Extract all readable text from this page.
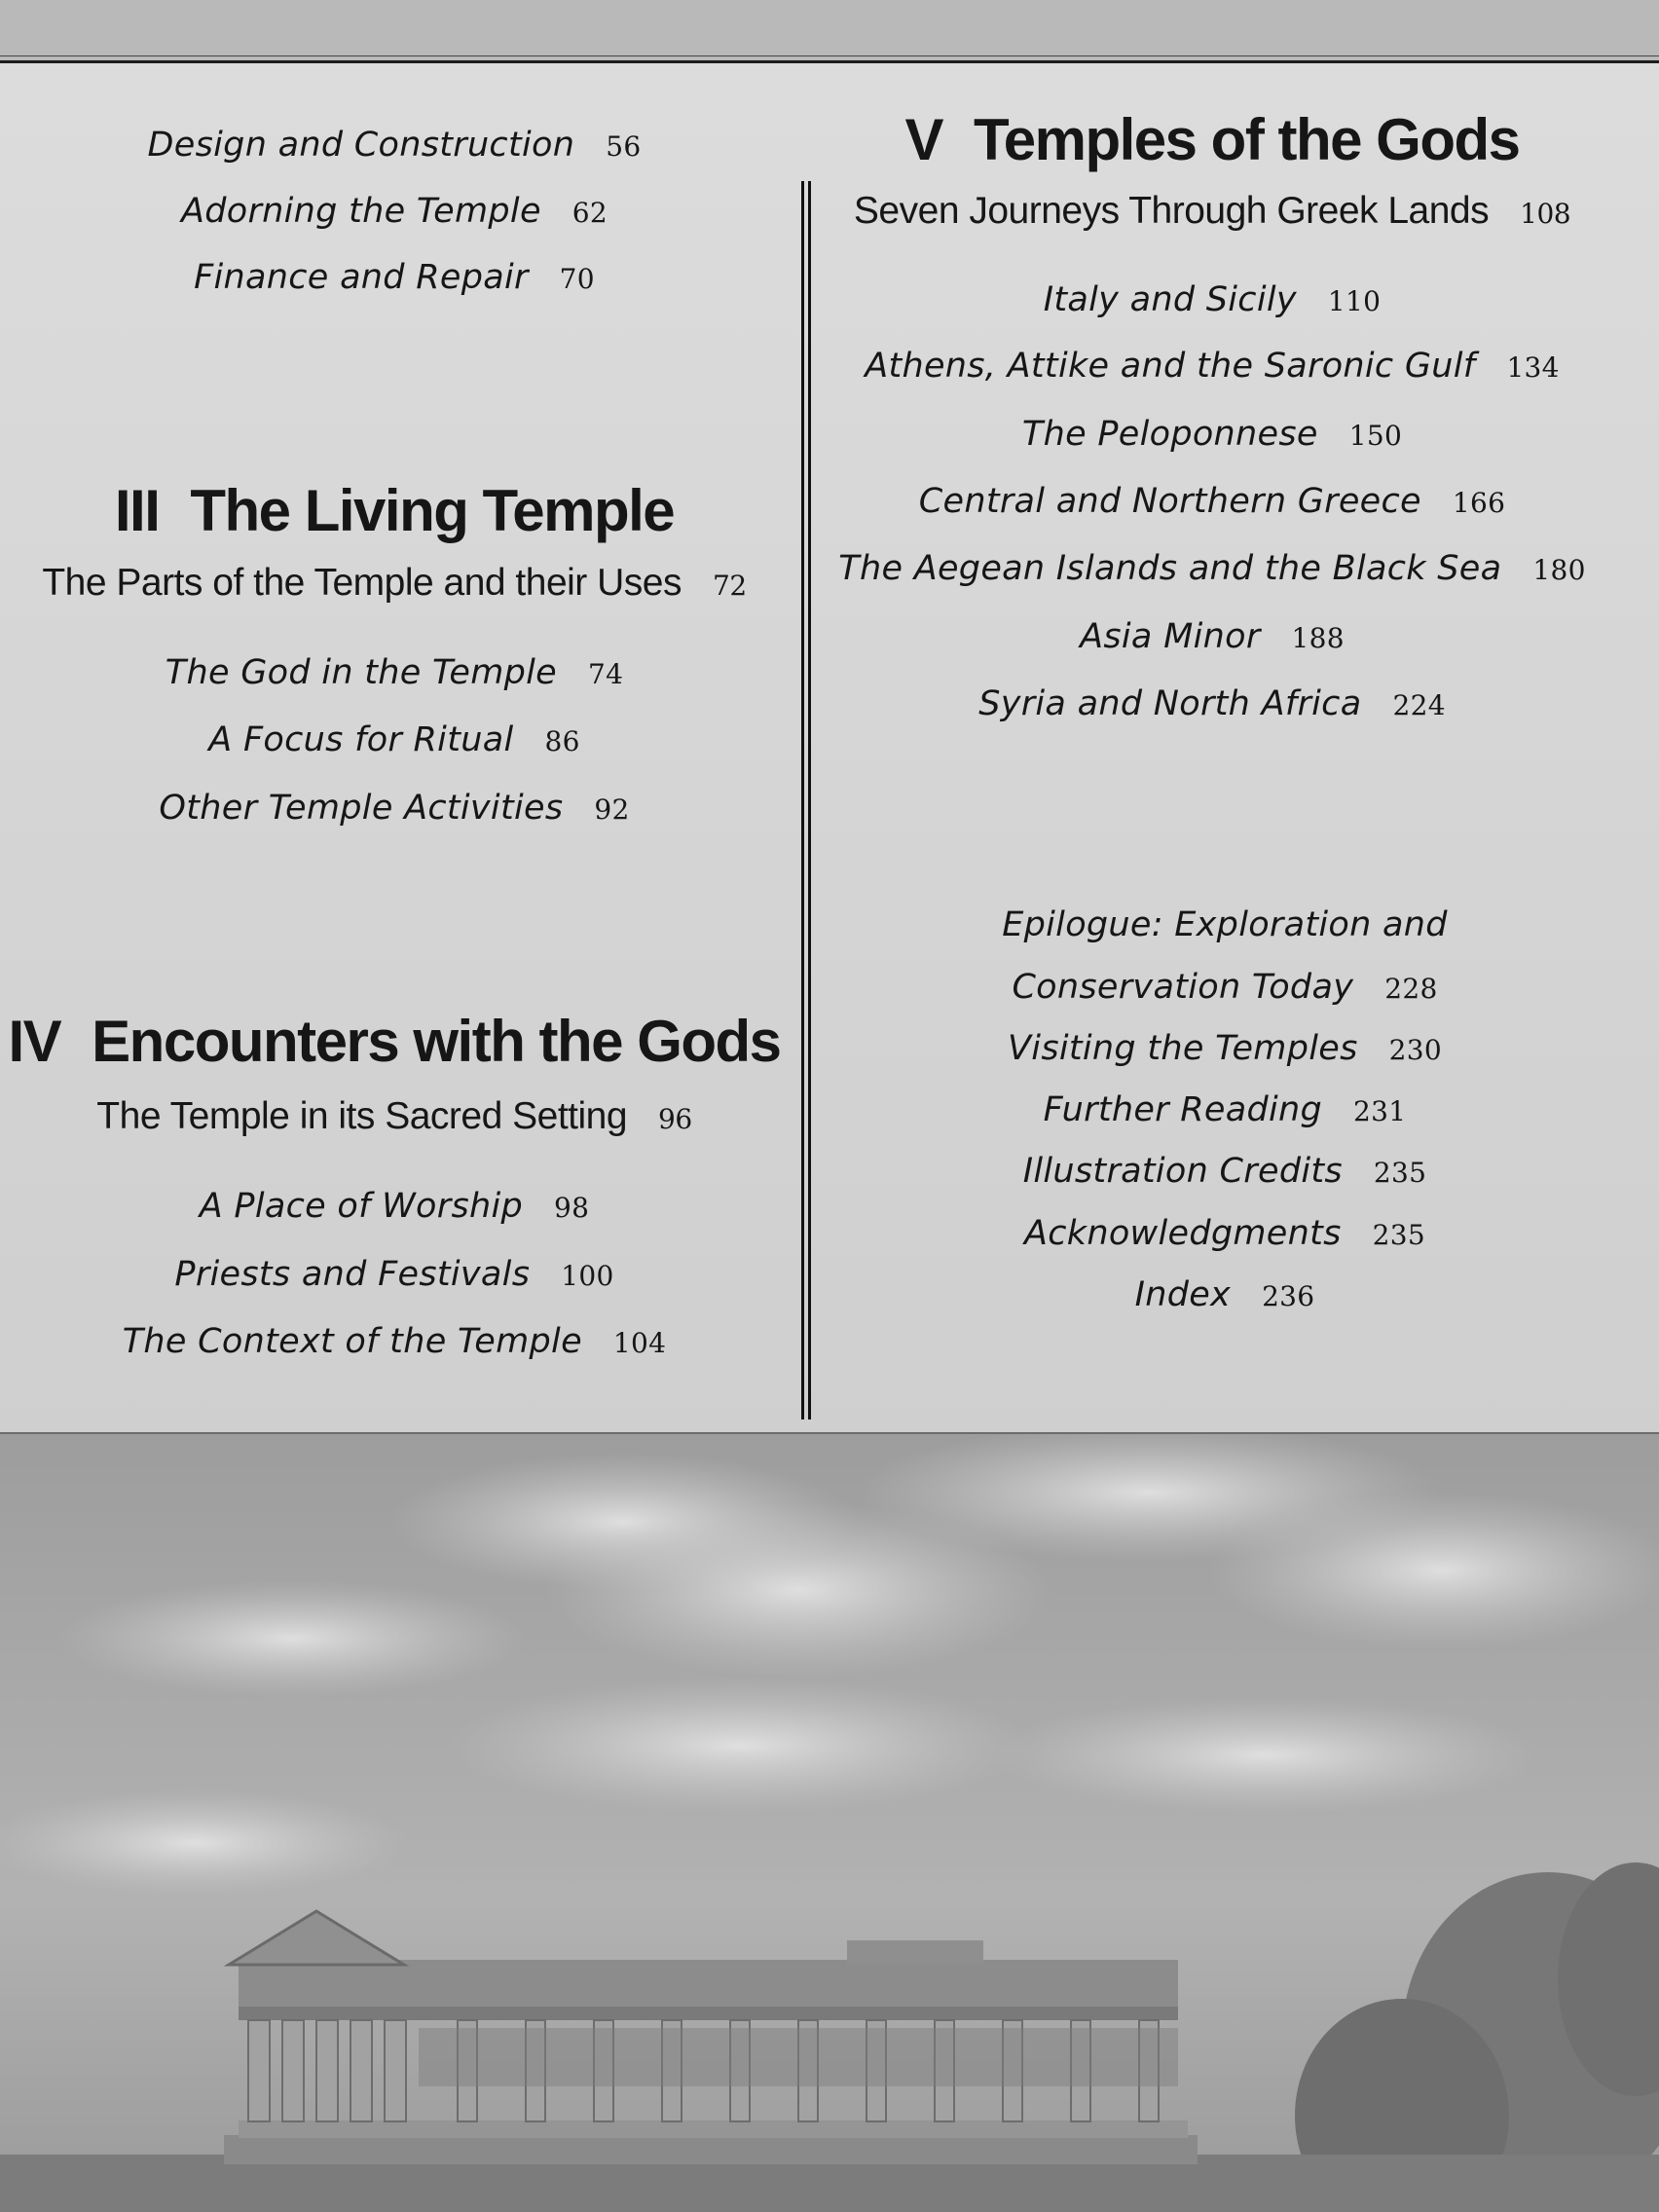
Design and Construction 56
Adorning the Temple 62
Finance and Repair 70
III The Living Temple
The Parts of the Temple and their Uses 72
The God in the Temple 74
A Focus for Ritual 86
Other Temple Activities 92
IV Encounters with the Gods
The Temple in its Sacred Setting 96
A Place of Worship 98
Priests and Festivals 100
The Context of the Temple 104
V Temples of the Gods
Seven Journeys Through Greek Lands 108
Italy and Sicily 110
Athens, Attike and the Saronic Gulf 134
The Peloponnese 150
Central and Northern Greece 166
The Aegean Islands and the Black Sea 180
Asia Minor 188
Syria and North Africa 224
Epilogue: Exploration and
Conservation Today 228
Visiting the Temples 230
Further Reading 231
Illustration Credits 235
Acknowledgments 235
Index 236
